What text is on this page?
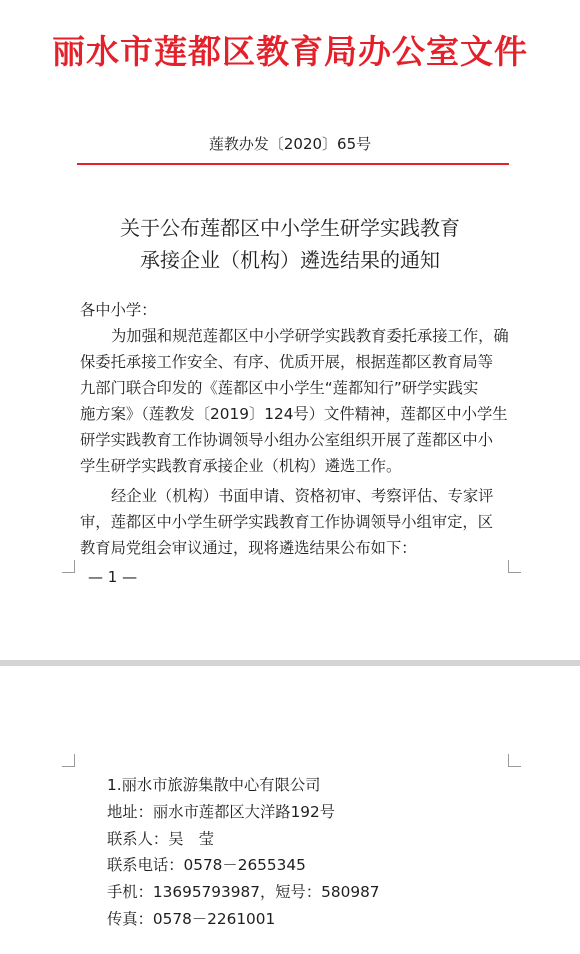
丽水市莲都区教育局办公室文件
莲教办发〔2020〕65号
关于公布莲都区中小学生研学实践教育
承接企业（机构）遴选结果的通知

各中小学：

为加强和规范莲都区中小学研学实践教育委托承接工作，确
保委托承接工作安全、有序、优质开展，根据莲都区教育局等
九部门联合印发的《莲都区中小学生“莲都知行”研学实践实
施方案》（莲教发〔2019〕124号）文件精神，莲都区中小学生
研学实践教育工作协调领导小组办公室组织开展了莲都区中小
学生研学实践教育承接企业（机构）遴选工作。
经企业（机构）书面申请、资格初审、考察评估、专家评
审，莲都区中小学生研学实践教育工作协调领导小组审定，区
教育局党组会审议通过，现将遴选结果公布如下：
— 1 —
1.丽水市旅游集散中心有限公司
地址：丽水市莲都区大洋路192号
联系人：吴　莹
联系电话：0578－2655345
手机：13695793987，短号：580987
传真：0578－2261001
